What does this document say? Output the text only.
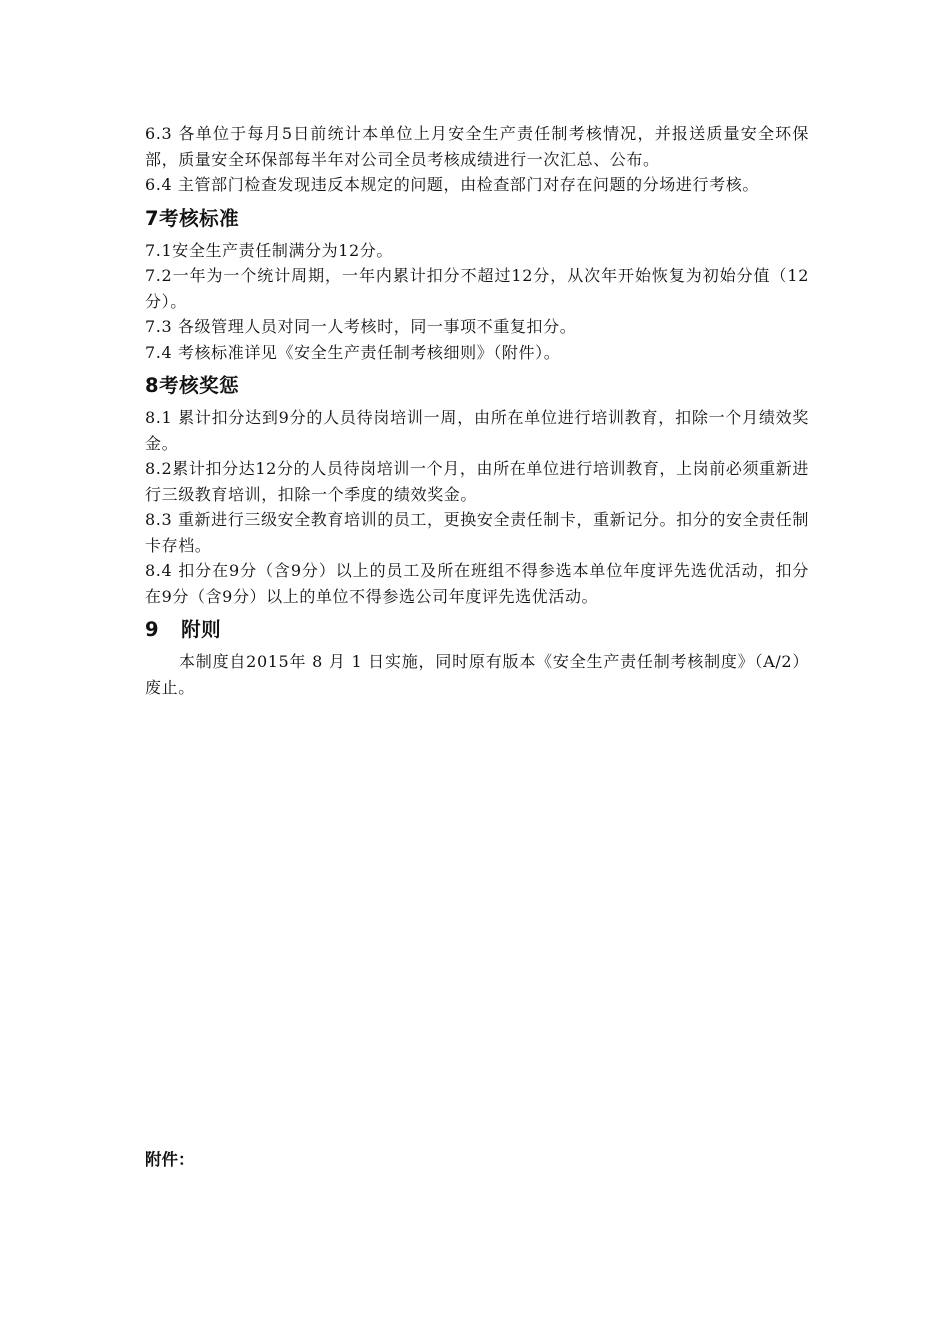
6.3 各单位于每月5日前统计本单位上月安全生产责任制考核情况，并报送质量安全环保部，质量安全环保部每半年对公司全员考核成绩进行一次汇总、公布。

6.4 主管部门检查发现违反本规定的问题，由检查部门对存在问题的分场进行考核。

7考核标准

7.1安全生产责任制满分为12分。

7.2一年为一个统计周期，一年内累计扣分不超过12分，从次年开始恢复为初始分值（12分）。

7.3 各级管理人员对同一人考核时，同一事项不重复扣分。

7.4 考核标准详见《安全生产责任制考核细则》（附件）。

8考核奖惩

8.1 累计扣分达到9分的人员待岗培训一周，由所在单位进行培训教育，扣除一个月绩效奖金。

8.2累计扣分达12分的人员待岗培训一个月，由所在单位进行培训教育，上岗前必须重新进行三级教育培训，扣除一个季度的绩效奖金。

8.3 重新进行三级安全教育培训的员工，更换安全责任制卡，重新记分。扣分的安全责任制卡存档。

8.4 扣分在9分（含9分）以上的员工及所在班组不得参选本单位年度评先选优活动，扣分在9分（含9分）以上的单位不得参选公司年度评先选优活动。

9 附则

本制度自2015年 8 月 1 日实施，同时原有版本《安全生产责任制考核制度》（A/2）废止。

附件：
